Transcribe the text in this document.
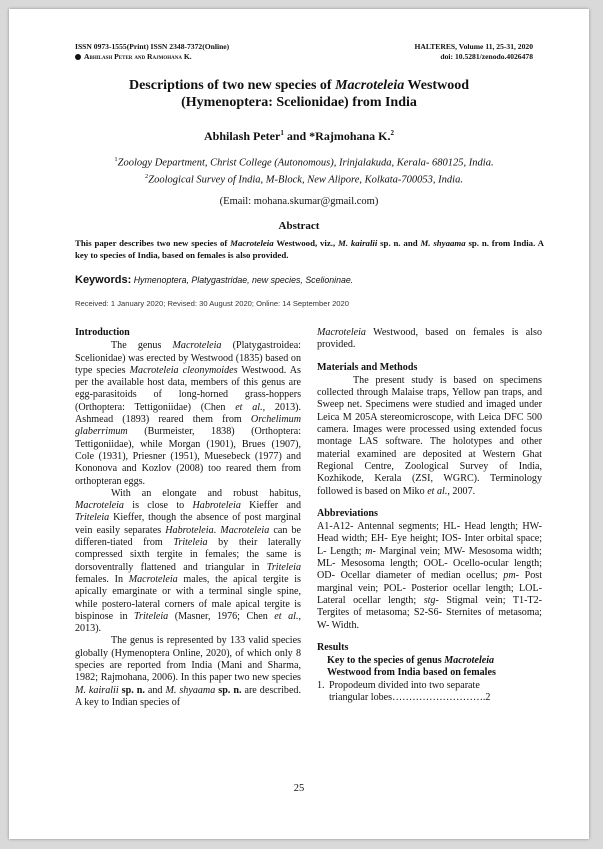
ISSN 0973-1555(Print) ISSN 2348-7372(Online)
Abhilash Peter and Rajmohana K.
HALTERES, Volume 11, 25-31, 2020
doi: 10.5281/zenodo.4026478
Descriptions of two new species of Macroteleia Westwood
(Hymenoptera: Scelionidae) from India
Abhilash Peter$^1$ and *Rajmohana K.$^2$
$^1$Zoology Department, Christ College (Autonomous), Irinjalakuda, Kerala- 680125, India.
$^2$Zoological Survey of India, M-Block, New Alipore, Kolkata-700053, India.
(Email: mohana.skumar@gmail.com)
Abstract
This paper describes two new species of Macroteleia Westwood, viz., M. kairalii sp. n. and M. shyaama sp. n. from India. A key to species of India, based on females is also provided.
Keywords: Hymenoptera, Platygastridae, new species, Scelioninae.
Received: 1 January 2020; Revised: 30 August 2020; Online: 14 September 2020

Introduction

The genus Macroteleia (Platygastroidea: Scelionidae) was erected by Westwood (1835) based on type species Macroteleia cleonymoides Westwood. As per the available host data, members of this genus are egg-parasitoids of long-horned grass-hoppers (Orthoptera: Tettigoniidae) (Chen et al., 2013). Ashmead (1893) reared them from Orchelimum glaberrimum (Burmeister, 1838) (Orthoptera: Tettigoniidae), while Morgan (1901), Brues (1907), Cole (1931), Priesner (1951), Muesebeck (1977) and Kononova and Kozlov (2008) too reared them from orthopteran eggs.

With an elongate and robust habitus, Macroteleia is close to Habroteleia Kieffer and Triteleia Kieffer, though the absence of post marginal vein easily separates Habroteleia. Macroteleia can be differen-tiated from Triteleia by their laterally compressed sixth tergite in females; the same is dorsoventrally flattened and triangular in Triteleia females. In Macroteleia males, the apical tergite is apically emarginate or with a terminal single spine, while postero-lateral corners of male apical tergite is bispinose in Triteleia (Masner, 1976; Chen et al., 2013).

The genus is represented by 133 valid species globally (Hymenoptera Online, 2020), of which only 8 species are reported from India (Mani and Sharma, 1982; Rajmohana, 2006). In this paper two new species M. kairalii sp. n. and M. shyaama sp. n. are described. A key to Indian species of

Macroteleia Westwood, based on females is also provided.

Materials and Methods

The present study is based on specimens collected through Malaise traps, Yellow pan traps, and Sweep net. Specimens were studied and imaged under Leica M 205A stereomicroscope, with Leica DFC 500 camera. Images were processed using extended focus montage LAS software. The holotypes and other material examined are deposited at Western Ghat Regional Centre, Zoological Survey of India, Kozhikode, Kerala (ZSI, WGRC). Terminology followed is based on Miko et al., 2007.

Abbreviations

A1-A12- Antennal segments; HL- Head length; HW- Head width; EH- Eye height; IOS- Inter orbital space; L- Length; m- Marginal vein; MW- Mesosoma width; ML- Mesosoma length; OOL- Ocello-ocular length; OD- Ocellar diameter of median ocellus; pm- Post marginal vein; POL- Posterior ocellar length; LOL- Lateral ocellar length; stg- Stigmal vein; T1-T2- Tergites of metasoma; S2-S6- Sternites of metasoma; W- Width.

Results

Key to the species of genus Macroteleia
Westwood from India based on females

1. Propodeum divided into two separate
triangular lobes……………………….2
25
